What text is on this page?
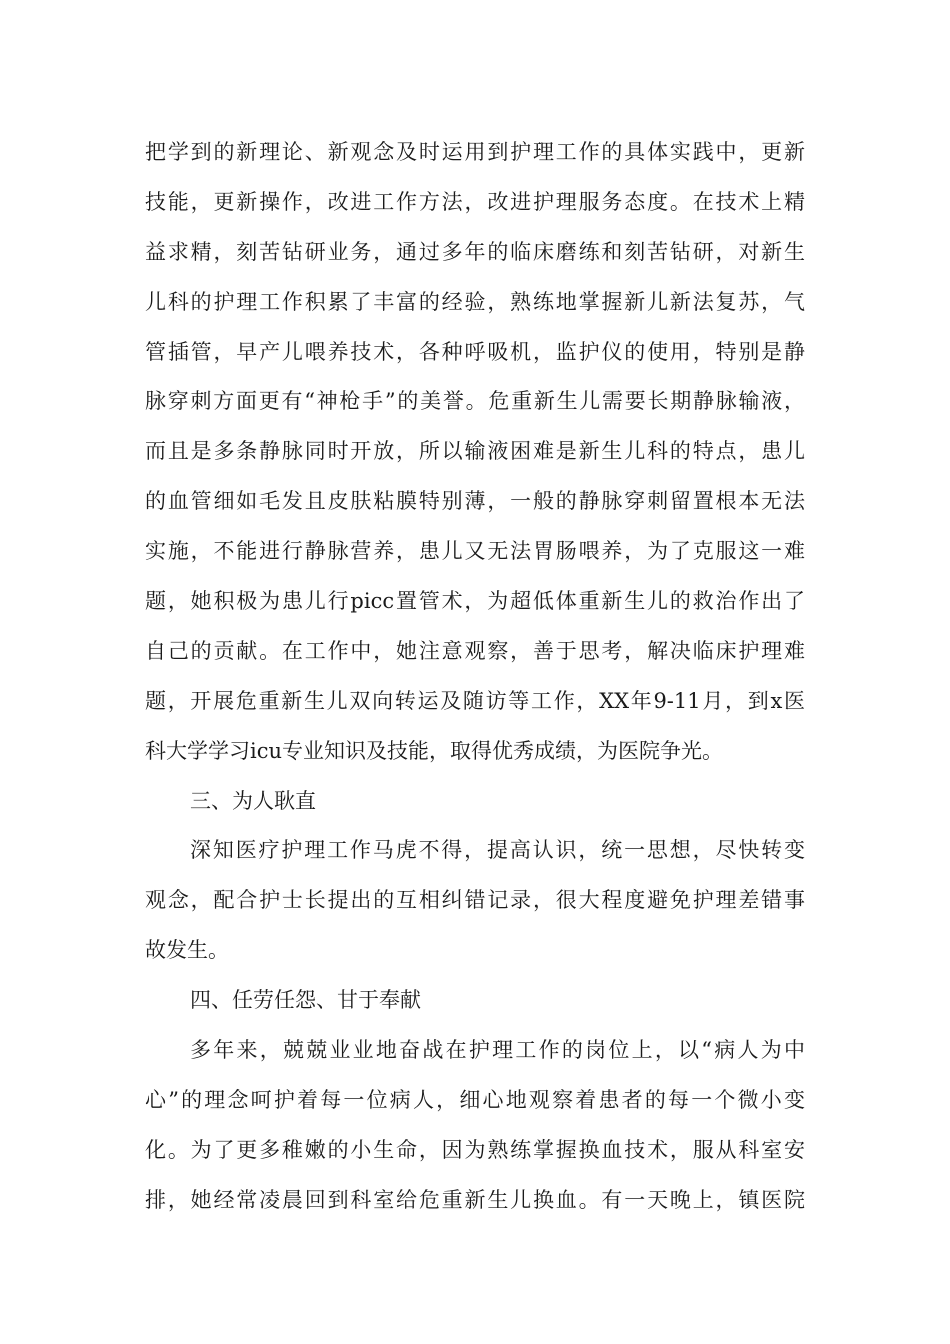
把学到的新理论、新观念及时运用到护理工作的具体实践中，更新
技能，更新操作，改进工作方法，改进护理服务态度。在技术上精
益求精，刻苦钻研业务，通过多年的临床磨练和刻苦钻研，对新生
儿科的护理工作积累了丰富的经验，熟练地掌握新儿新法复苏，气
管插管，早产儿喂养技术，各种呼吸机，监护仪的使用，特别是静
脉穿刺方面更有“神枪手”的美誉。危重新生儿需要长期静脉输液，
而且是多条静脉同时开放，所以输液困难是新生儿科的特点，患儿
的血管细如毛发且皮肤粘膜特别薄，一般的静脉穿刺留置根本无法
实施，不能进行静脉营养，患儿又无法胃肠喂养，为了克服这一难
题，她积极为患儿行picc置管术，为超低体重新生儿的救治作出了
自己的贡献。在工作中，她注意观察，善于思考，解决临床护理难
题，开展危重新生儿双向转运及随访等工作，XX年9-11月，到x医
科大学学习icu专业知识及技能，取得优秀成绩，为医院争光。
三、为人耿直
深知医疗护理工作马虎不得，提高认识，统一思想，尽快转变
观念，配合护士长提出的互相纠错记录，很大程度避免护理差错事
故发生。
四、任劳任怨、甘于奉献
多年来，兢兢业业地奋战在护理工作的岗位上，以“病人为中
心”的理念呵护着每一位病人，细心地观察着患者的每一个微小变
化。为了更多稚嫩的小生命，因为熟练掌握换血技术，服从科室安
排，她经常凌晨回到科室给危重新生儿换血。有一天晚上，镇医院
